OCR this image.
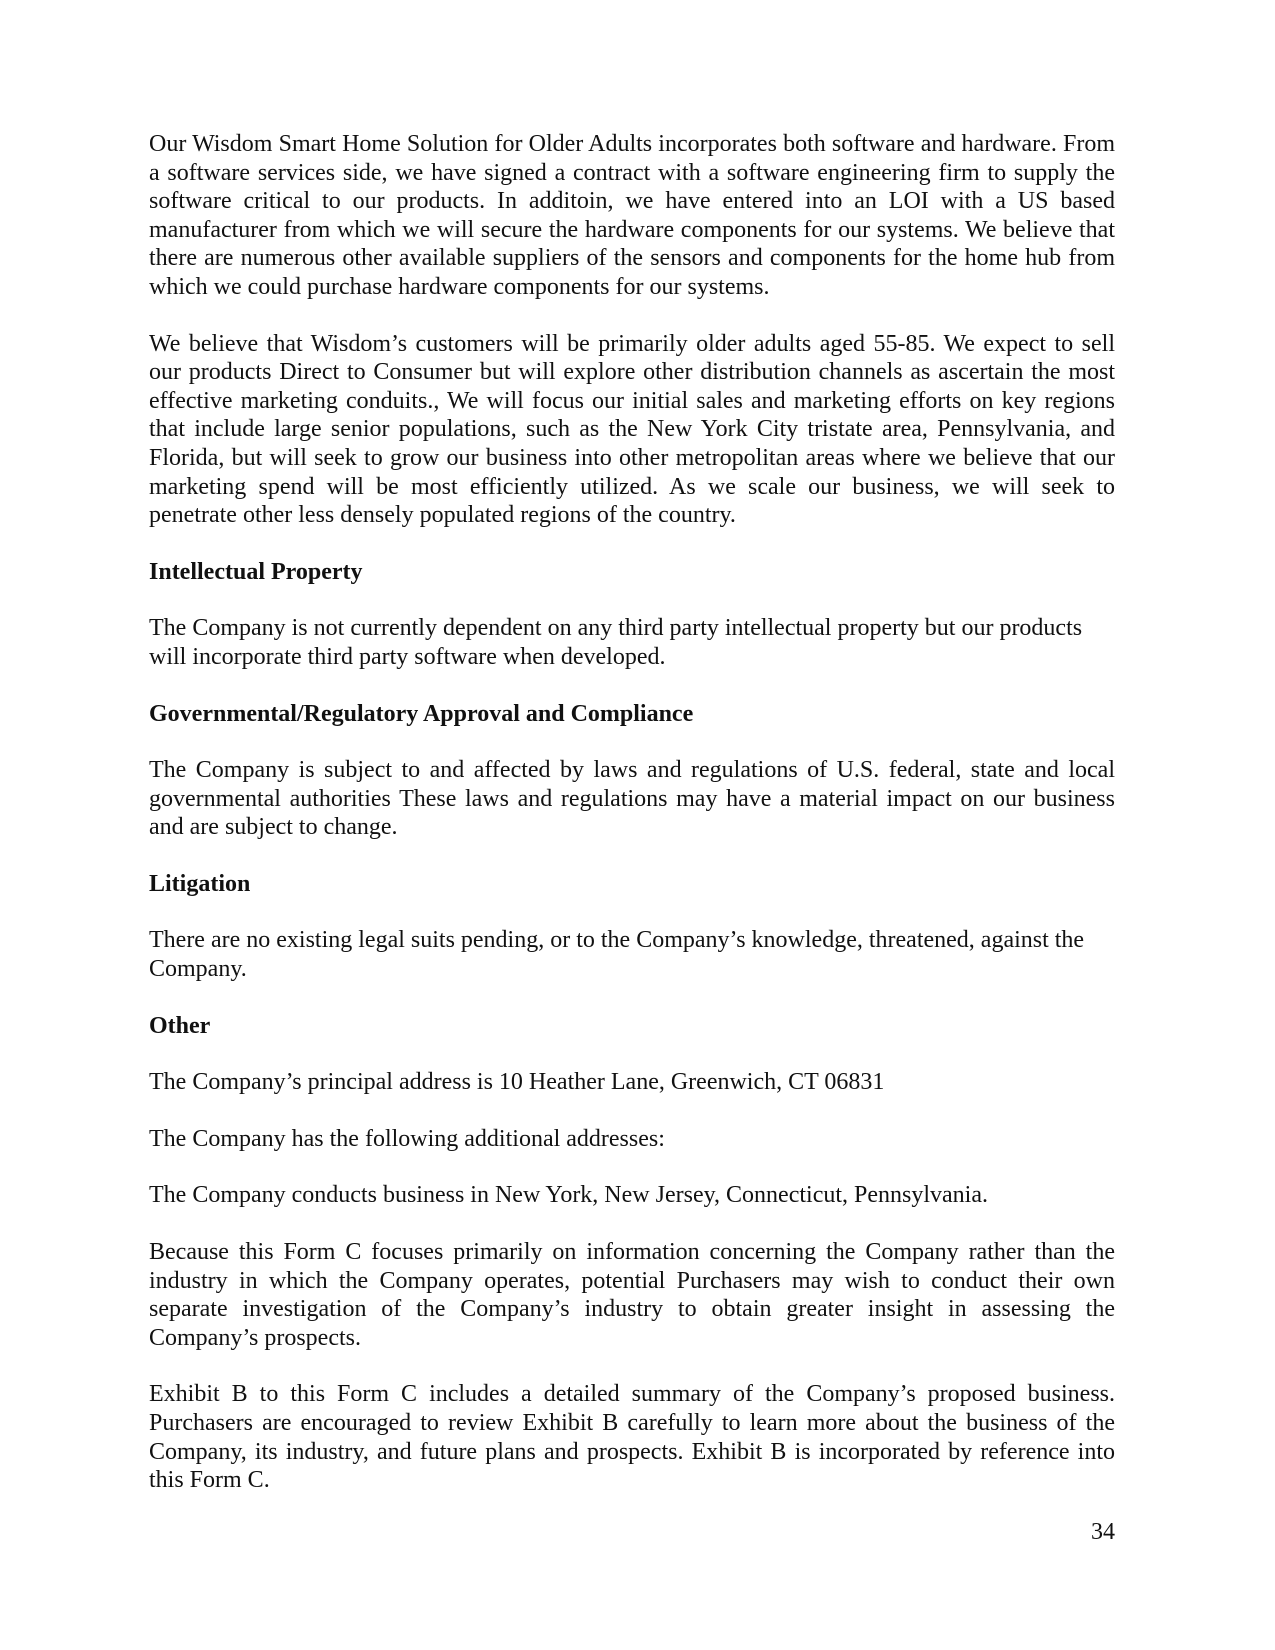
Our Wisdom Smart Home Solution for Older Adults incorporates both software and hardware. From a software services side, we have signed a contract with a software engineering firm to supply the software critical to our products. In additoin, we have entered into an LOI with a US based manufacturer from which we will secure the hardware components for our systems. We believe that there are numerous other available suppliers of the sensors and components for the home hub from which we could purchase hardware components for our systems.

We believe that Wisdom’s customers will be primarily older adults aged 55-85. We expect to sell our products Direct to Consumer but will explore other distribution channels as ascertain the most effective marketing conduits., We will focus our initial sales and marketing efforts on key regions that include large senior populations, such as the New York City tristate area, Pennsylvania, and Florida, but will seek to grow our business into other metropolitan areas where we believe that our marketing spend will be most efficiently utilized. As we scale our business, we will seek to penetrate other less densely populated regions of the country.

Intellectual Property

The Company is not currently dependent on any third party intellectual property but our products will incorporate third party software when developed.

Governmental/Regulatory Approval and Compliance

The Company is subject to and affected by laws and regulations of U.S. federal, state and local governmental authorities These laws and regulations may have a material impact on our business and are subject to change.

Litigation

There are no existing legal suits pending, or to the Company’s knowledge, threatened, against the Company.

Other

The Company’s principal address is 10 Heather Lane, Greenwich, CT 06831

The Company has the following additional addresses:

The Company conducts business in New York, New Jersey, Connecticut, Pennsylvania.

Because this Form C focuses primarily on information concerning the Company rather than the industry in which the Company operates, potential Purchasers may wish to conduct their own separate investigation of the Company’s industry to obtain greater insight in assessing the Company’s prospects.

Exhibit B to this Form C includes a detailed summary of the Company’s proposed business. Purchasers are encouraged to review Exhibit B carefully to learn more about the business of the Company, its industry, and future plans and prospects. Exhibit B is incorporated by reference into this Form C.

34
